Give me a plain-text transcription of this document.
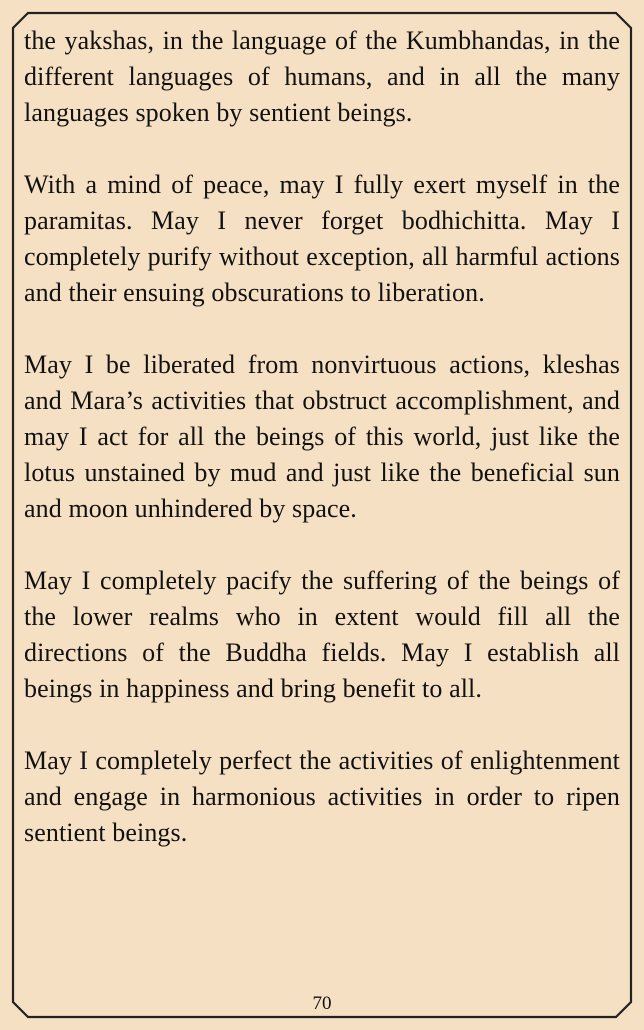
the yakshas, in the language of the Kumbhandas, in the different languages of humans, and in all the many languages spoken by sentient beings.

With a mind of peace, may I fully exert myself in the paramitas. May I never forget bodhichitta. May I completely purify without exception, all harmful actions and their ensuing obscurations to liberation.

May I be liberated from nonvirtuous actions, kleshas and Mara’s activities that obstruct accomplishment, and may I act for all the beings of this world, just like the lotus unstained by mud and just like the beneficial sun and moon unhindered by space.

May I completely pacify the suffering of the beings of the lower realms who in extent would fill all the directions of the Buddha fields. May I establish all beings in happiness and bring benefit to all.

May I completely perfect the activities of enlightenment and engage in harmonious activities in order to ripen sentient beings.

70
